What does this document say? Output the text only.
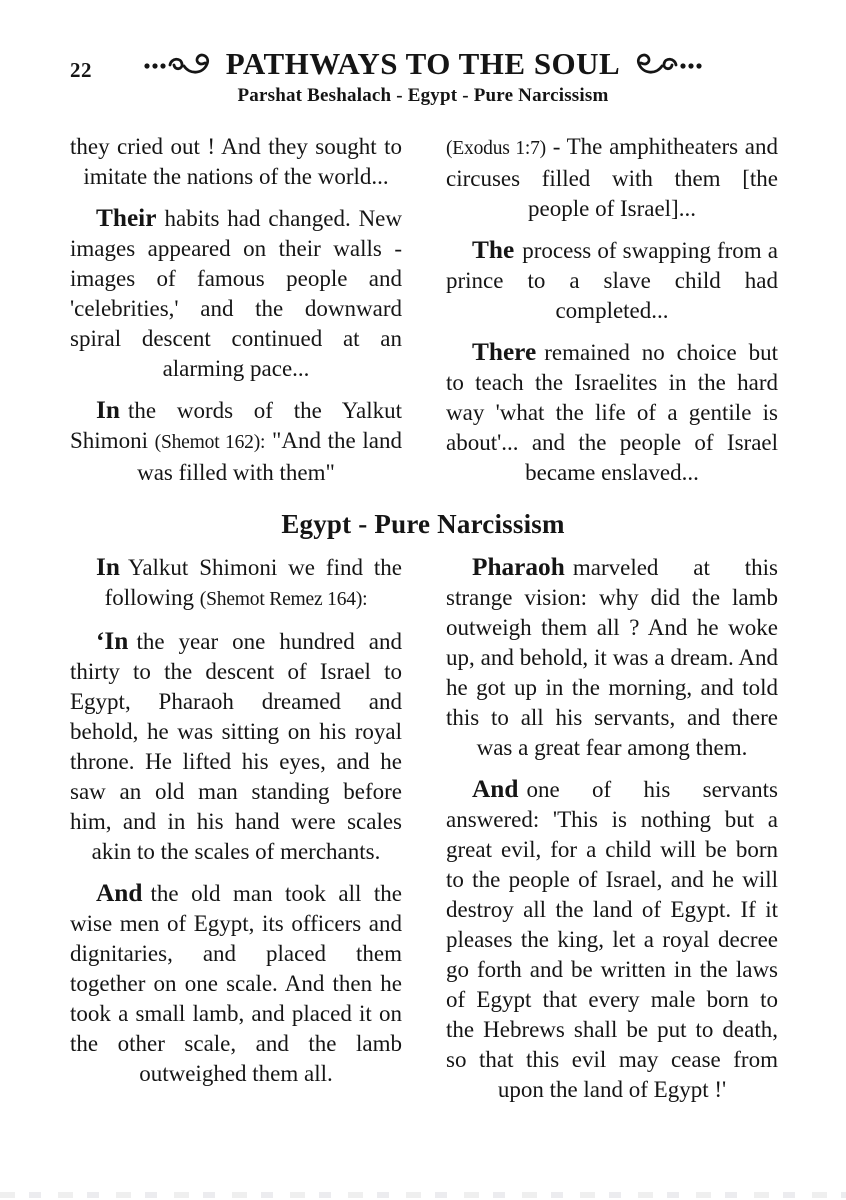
22	PATHWAYS TO THE SOUL
Parshat Beshalach - Egypt - Pure Narcissism

they cried out ! And they sought to imitate the nations of the world...

Their habits had changed. New images appeared on their walls - images of famous people and 'celebrities,' and the downward spiral descent continued at an alarming pace...

In the words of the Yalkut Shimoni (Shemot 162): "And the land was filled with them"

(Exodus 1:7) - The amphitheaters and circuses filled with them [the people of Israel]...

The process of swapping from a prince to a slave child had completed...

There remained no choice but to teach the Israelites in the hard way 'what the life of a gentile is about'... and the people of Israel became enslaved...

Egypt - Pure Narcissism

In Yalkut Shimoni we find the following (Shemot Remez 164):

‘In the year one hundred and thirty to the descent of Israel to Egypt, Pharaoh dreamed and behold, he was sitting on his royal throne. He lifted his eyes, and he saw an old man standing before him, and in his hand were scales akin to the scales of merchants.

And the old man took all the wise men of Egypt, its officers and dignitaries, and placed them together on one scale. And then he took a small lamb, and placed it on the other scale, and the lamb outweighed them all.

Pharaoh marveled at this strange vision: why did the lamb outweigh them all ? And he woke up, and behold, it was a dream. And he got up in the morning, and told this to all his servants, and there was a great fear among them.

And one of his servants answered: 'This is nothing but a great evil, for a child will be born to the people of Israel, and he will destroy all the land of Egypt. If it pleases the king, let a royal decree go forth and be written in the laws of Egypt that every male born to the Hebrews shall be put to death, so that this evil may cease from upon the land of Egypt !'
